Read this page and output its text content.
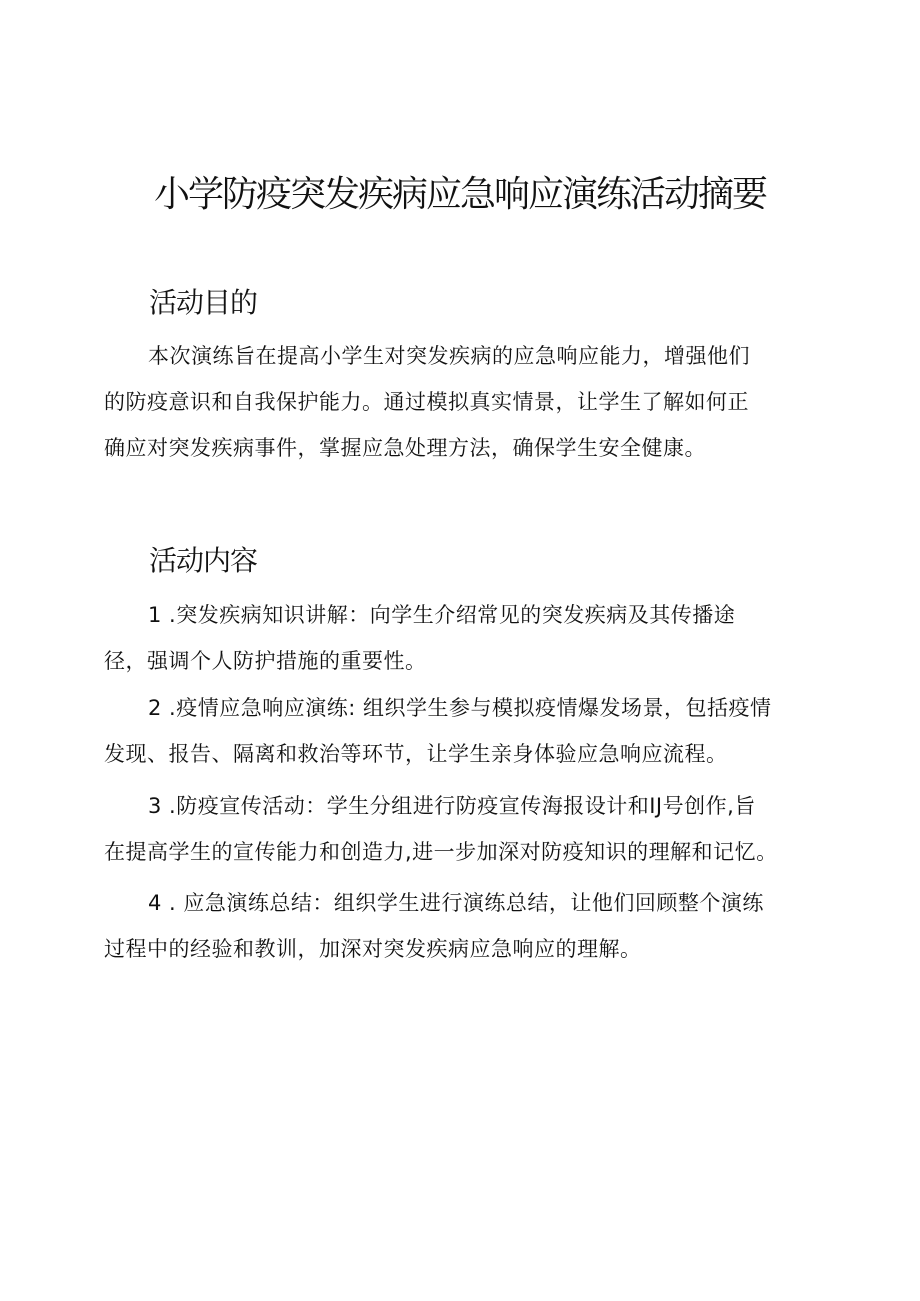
小学防疫突发疾病应急响应演练活动摘要
活动目的
本次演练旨在提高小学生对突发疾病的应急响应能力，增强他们
的防疫意识和自我保护能力。通过模拟真实情景，让学生了解如何正
确应对突发疾病事件，掌握应急处理方法，确保学生安全健康。
活动内容
1 .突发疾病知识讲解：向学生介绍常见的突发疾病及其传播途
径，强调个人防护措施的重要性。
2 .疫情应急响应演练: 组织学生参与模拟疫情爆发场景，包括疫情
发现、报告、隔离和救治等环节，让学生亲身体验应急响应流程。
3 .防疫宣传活动：学生分组进行防疫宣传海报设计和IJ号创作,旨
在提高学生的宣传能力和创造力,进一步加深对防疫知识的理解和记忆。
4 . 应急演练总结：组织学生进行演练总结，让他们回顾整个演练
过程中的经验和教训，加深对突发疾病应急响应的理解。
